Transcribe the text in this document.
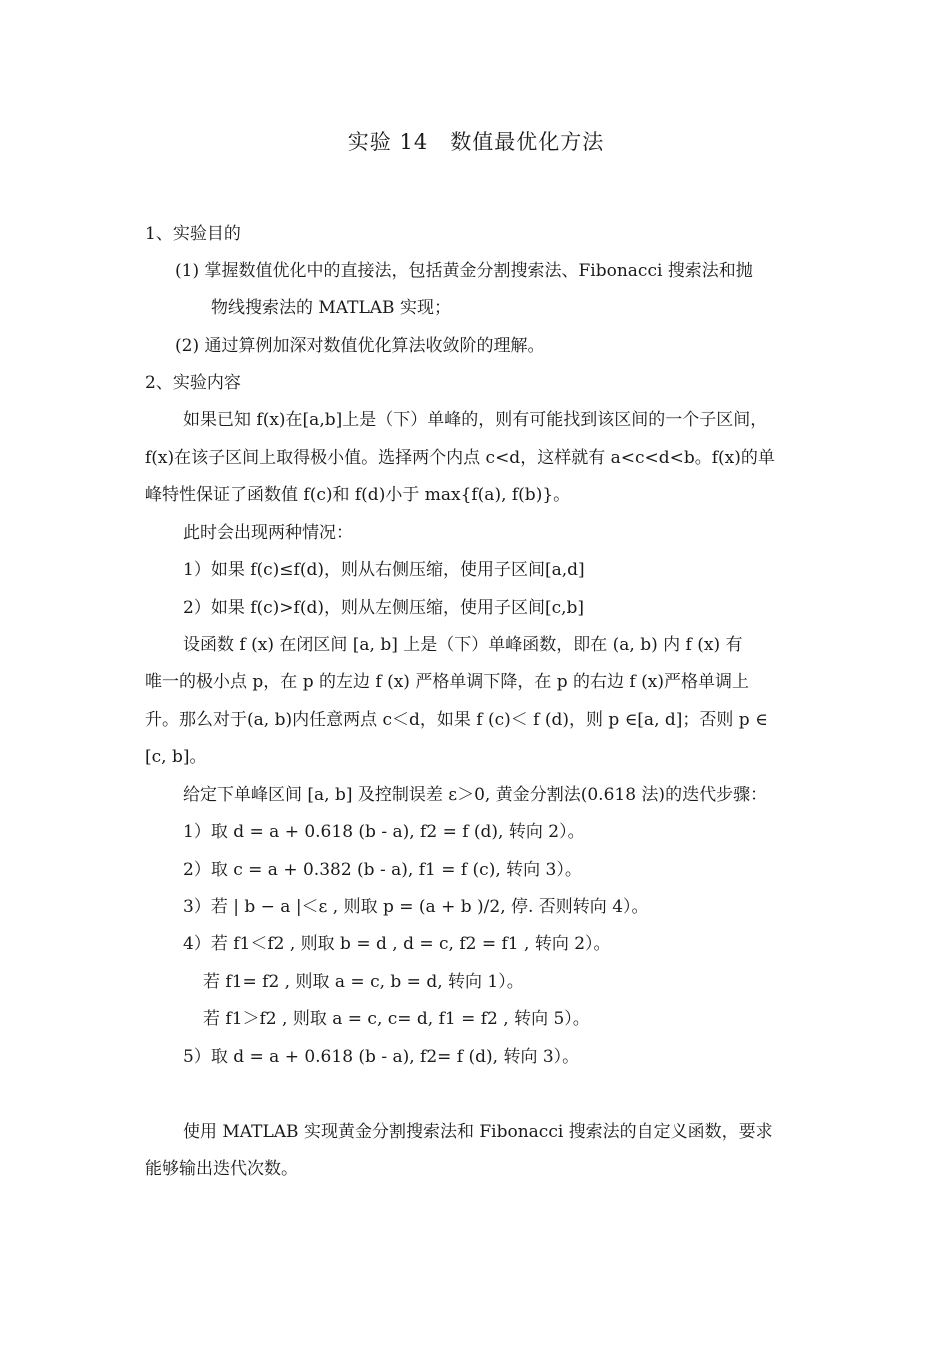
实验 14　数值最优化方法
1、实验目的
(1) 掌握数值优化中的直接法，包括黄金分割搜索法、Fibonacci 搜索法和抛
物线搜索法的 MATLAB 实现；
(2) 通过算例加深对数值优化算法收敛阶的理解。
2、实验内容
如果已知 f(x)在[a,b]上是（下）单峰的，则有可能找到该区间的一个子区间，
f(x)在该子区间上取得极小值。选择两个内点 c<d，这样就有 a<c<d<b。f(x)的单
峰特性保证了函数值 f(c)和 f(d)小于 max{f(a), f(b)}。
此时会出现两种情况：
1）如果 f(c)≤f(d)，则从右侧压缩，使用子区间[a,d]
2）如果 f(c)>f(d)，则从左侧压缩，使用子区间[c,b]
设函数 f (x) 在闭区间 [a, b] 上是（下）单峰函数，即在 (a, b) 内 f (x) 有
唯一的极小点 p，在 p 的左边 f (x) 严格单调下降，在 p 的右边 f (x)严格单调上
升。那么对于(a, b)内任意两点 c＜d，如果 f (c)＜ f (d)，则 p ∈[a, d]；否则 p ∈
[c, b]。
给定下单峰区间 [a, b] 及控制误差 ε＞0, 黄金分割法(0.618 法)的迭代步骤：
1）取 d = a + 0.618 (b - a), f2 = f (d), 转向 2）。
2）取 c = a + 0.382 (b - a), f1 = f (c), 转向 3）。
3）若 | b − a |＜ε , 则取 p = (a + b )/2, 停. 否则转向 4）。
4）若 f1＜f2 , 则取 b = d , d = c, f2 = f1 , 转向 2）。
若 f1= f2 , 则取 a = c, b = d, 转向 1）。
若 f1＞f2 , 则取 a = c, c= d, f1 = f2 , 转向 5）。
5）取 d = a + 0.618 (b - a), f2= f (d), 转向 3）。
使用 MATLAB 实现黄金分割搜索法和 Fibonacci 搜索法的自定义函数，要求
能够输出迭代次数。
